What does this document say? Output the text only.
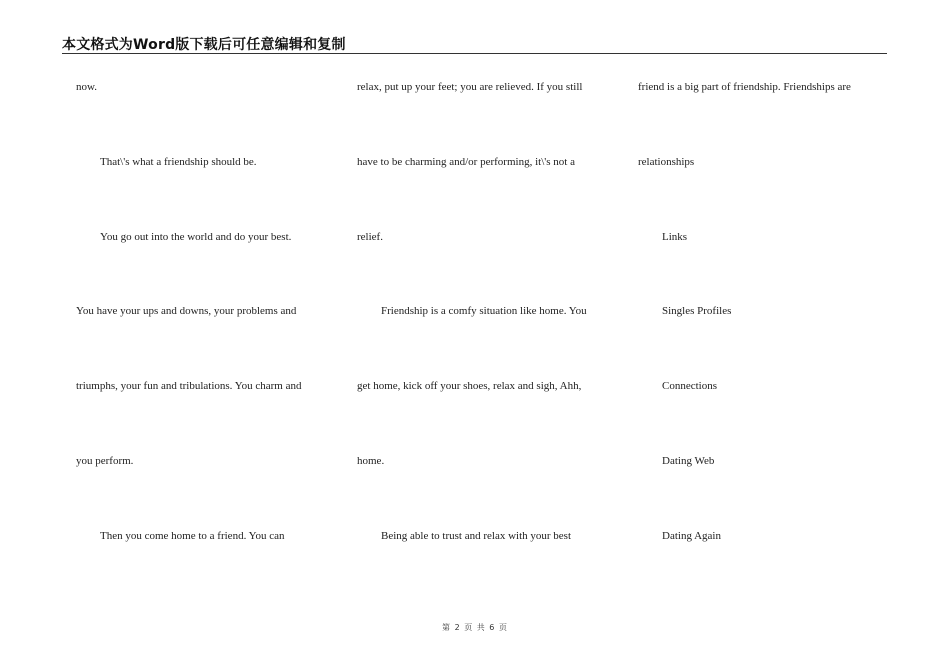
本文格式为Word版下载后可任意编辑和复制
now.
That\'s what a friendship should be.
You go out into the world and do your best.
You have your ups and downs, your problems and
triumphs, your fun and tribulations. You charm and
you perform.
Then you come home to a friend. You can
relax, put up your feet; you are relieved. If you still
have to be charming and/or performing, it\'s not a
relief.
Friendship is a comfy situation like home. You
get home, kick off your shoes, relax and sigh, Ahh,
home.
Being able to trust and relax with your best
friend is a big part of friendship. Friendships are
relationships
Links
Singles Profiles
Connections
Dating Web
Dating Again
第 2 页 共 6 页
